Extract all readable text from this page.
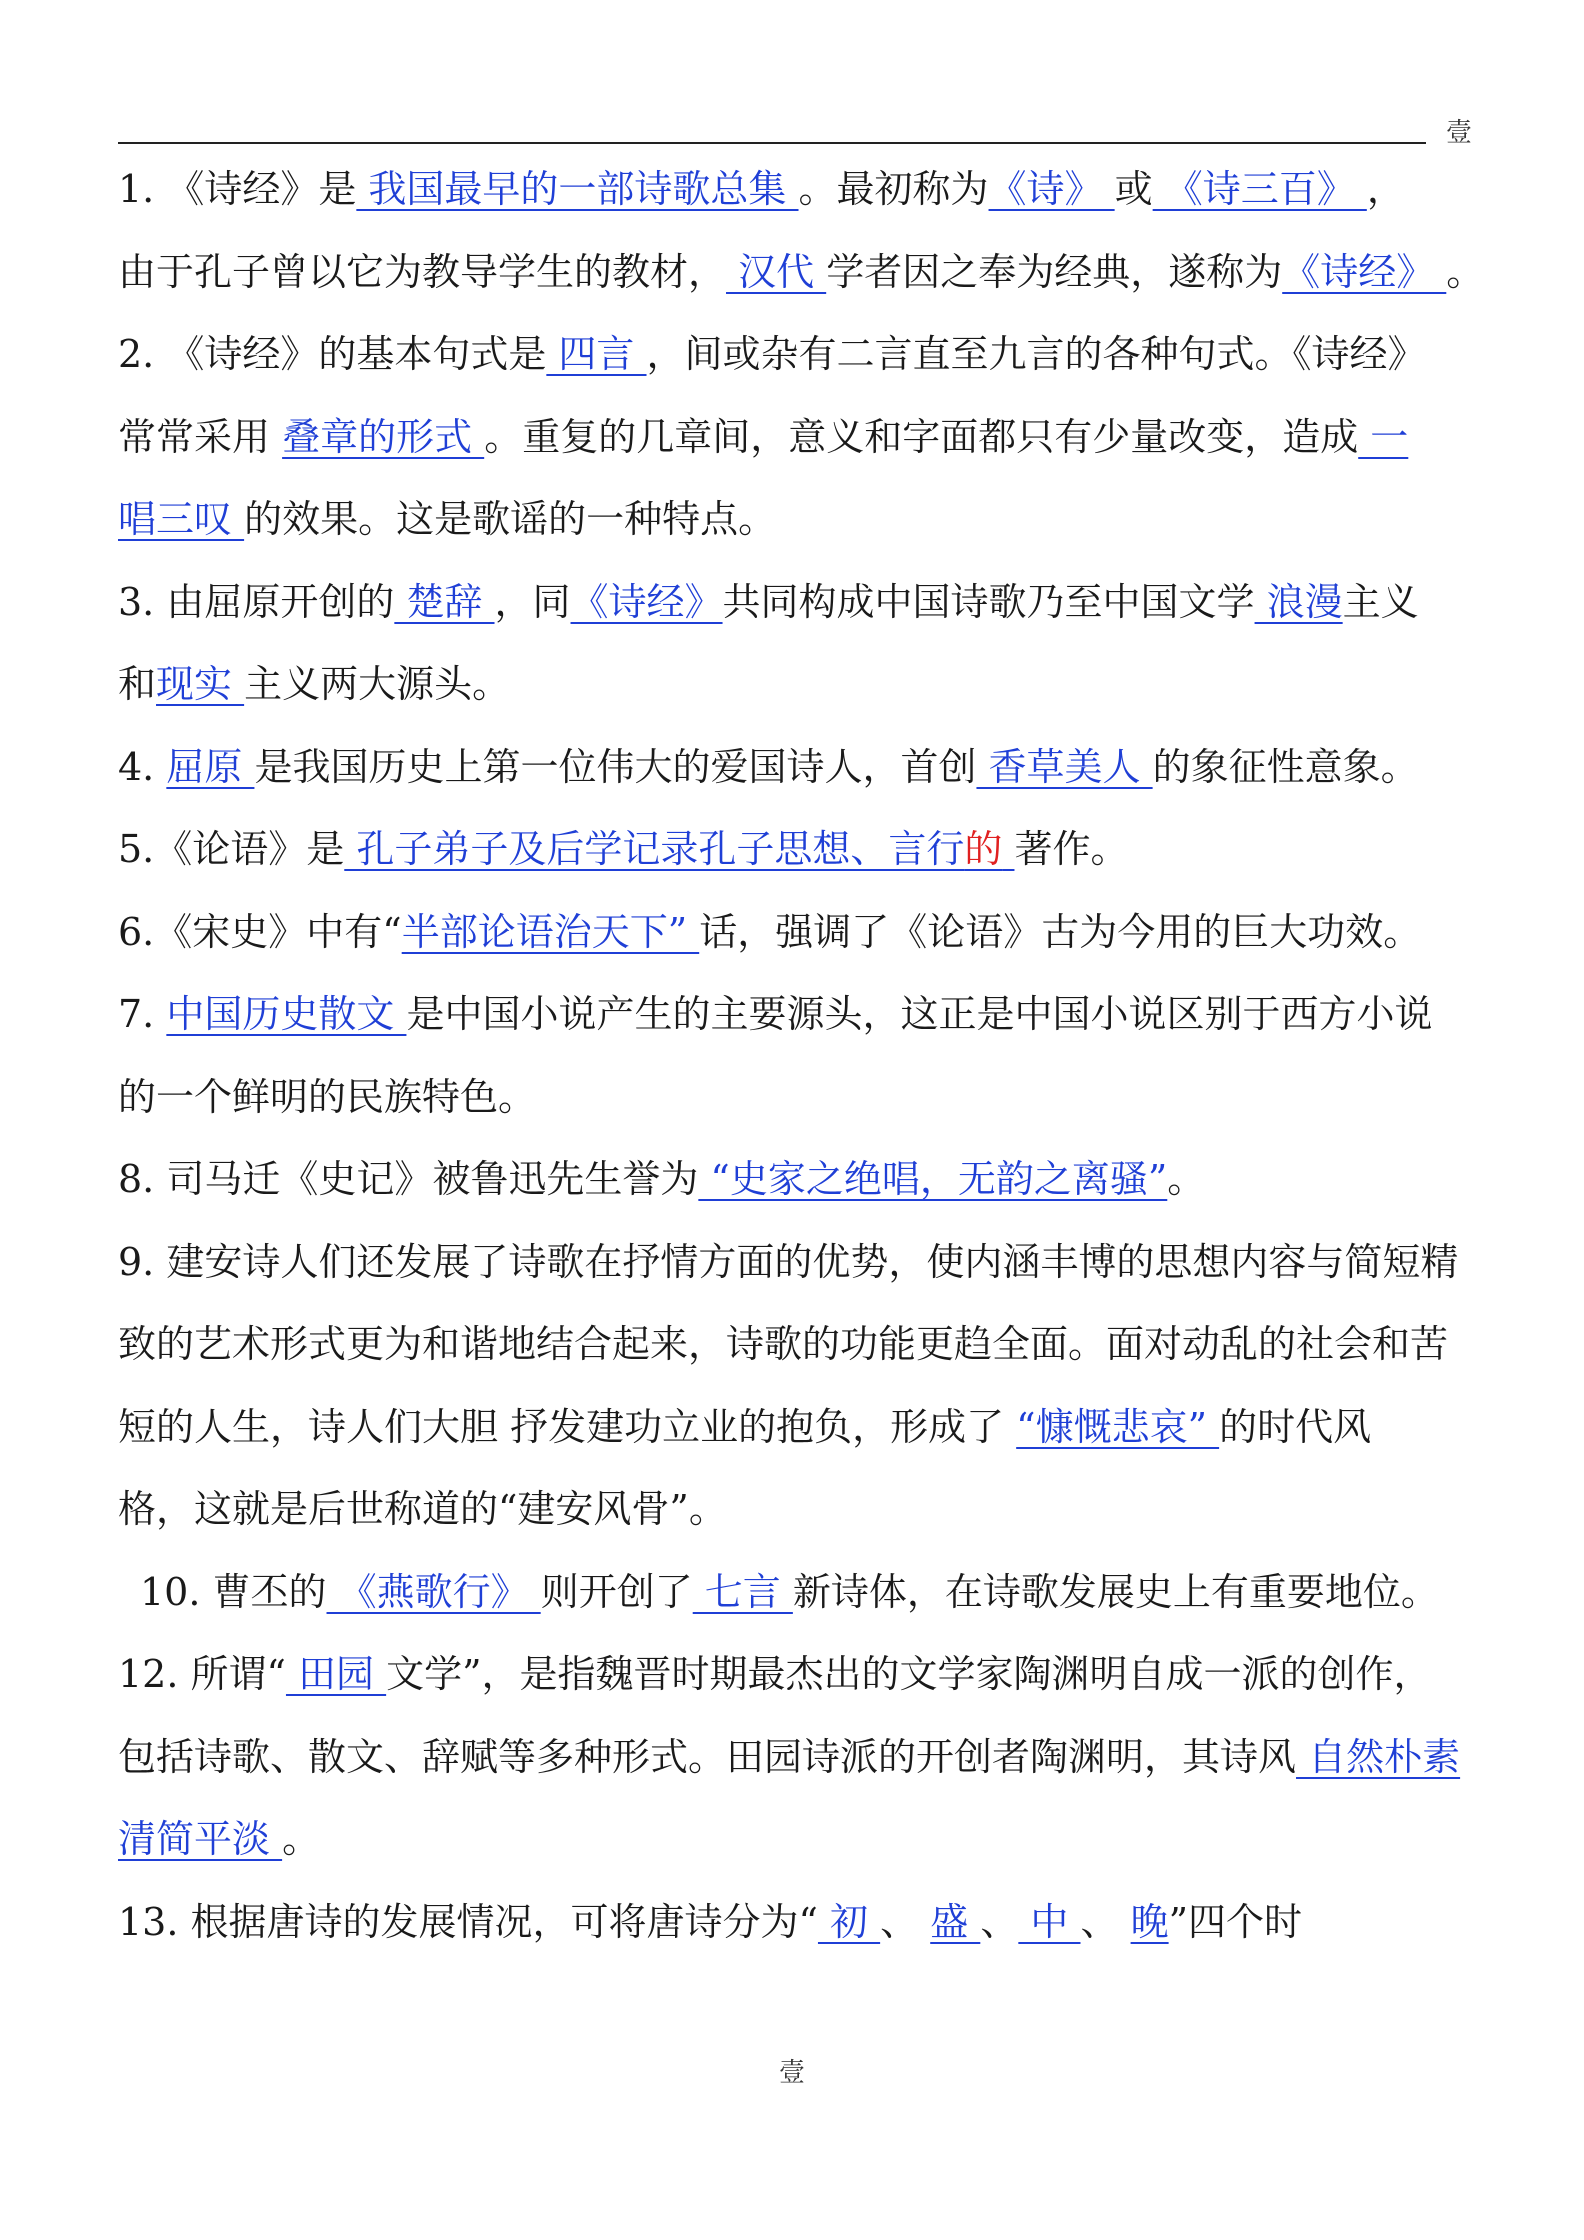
壹
1. 《诗经》是 我国最早的一部诗歌总集 。最初称为《诗》 或 《诗三百》 ，
由于孔子曾以它为教导学生的教材， 汉代 学者因之奉为经典，遂称为《诗经》 。
2. 《诗经》的基本句式是 四言 ，间或杂有二言直至九言的各种句式。《诗经》
常常采用 叠章的形式 。重复的几章间，意义和字面都只有少量改变，造成 一
唱三叹 的效果。这是歌谣的一种特点。
3. 由屈原开创的 楚辞 ，同《诗经》共同构成中国诗歌乃至中国文学 浪漫主义
和现实 主义两大源头。
4. 屈原 是我国历史上第一位伟大的爱国诗人，首创 香草美人 的象征性意象。
5.《论语》是 孔子弟子及后学记录孔子思想、言行的 著作。
6.《宋史》中有“半部论语治天下” 话，强调了《论语》古为今用的巨大功效。
7. 中国历史散文 是中国小说产生的主要源头，这正是中国小说区别于西方小说
的一个鲜明的民族特色。
8. 司马迁《史记》被鲁迅先生誉为 “史家之绝唱，无韵之离骚”。
9. 建安诗人们还发展了诗歌在抒情方面的优势，使内涵丰博的思想内容与简短精
致的艺术形式更为和谐地结合起来，诗歌的功能更趋全面。面对动乱的社会和苦
短的人生，诗人们大胆 抒发建功立业的抱负，形成了 “慷慨悲哀” 的时代风
格，这就是后世称道的“建安风骨”。
10. 曹丕的 《燕歌行》 则开创了 七言 新诗体，在诗歌发展史上有重要地位。
12. 所谓“ 田园 文学”，是指魏晋时期最杰出的文学家陶渊明自成一派的创作，
包括诗歌、散文、辞赋等多种形式。田园诗派的开创者陶渊明，其诗风 自然朴素
清简平淡 。
13. 根据唐诗的发展情况，可将唐诗分为“ 初 、 盛 、 中 、 晚”四个时
壹
